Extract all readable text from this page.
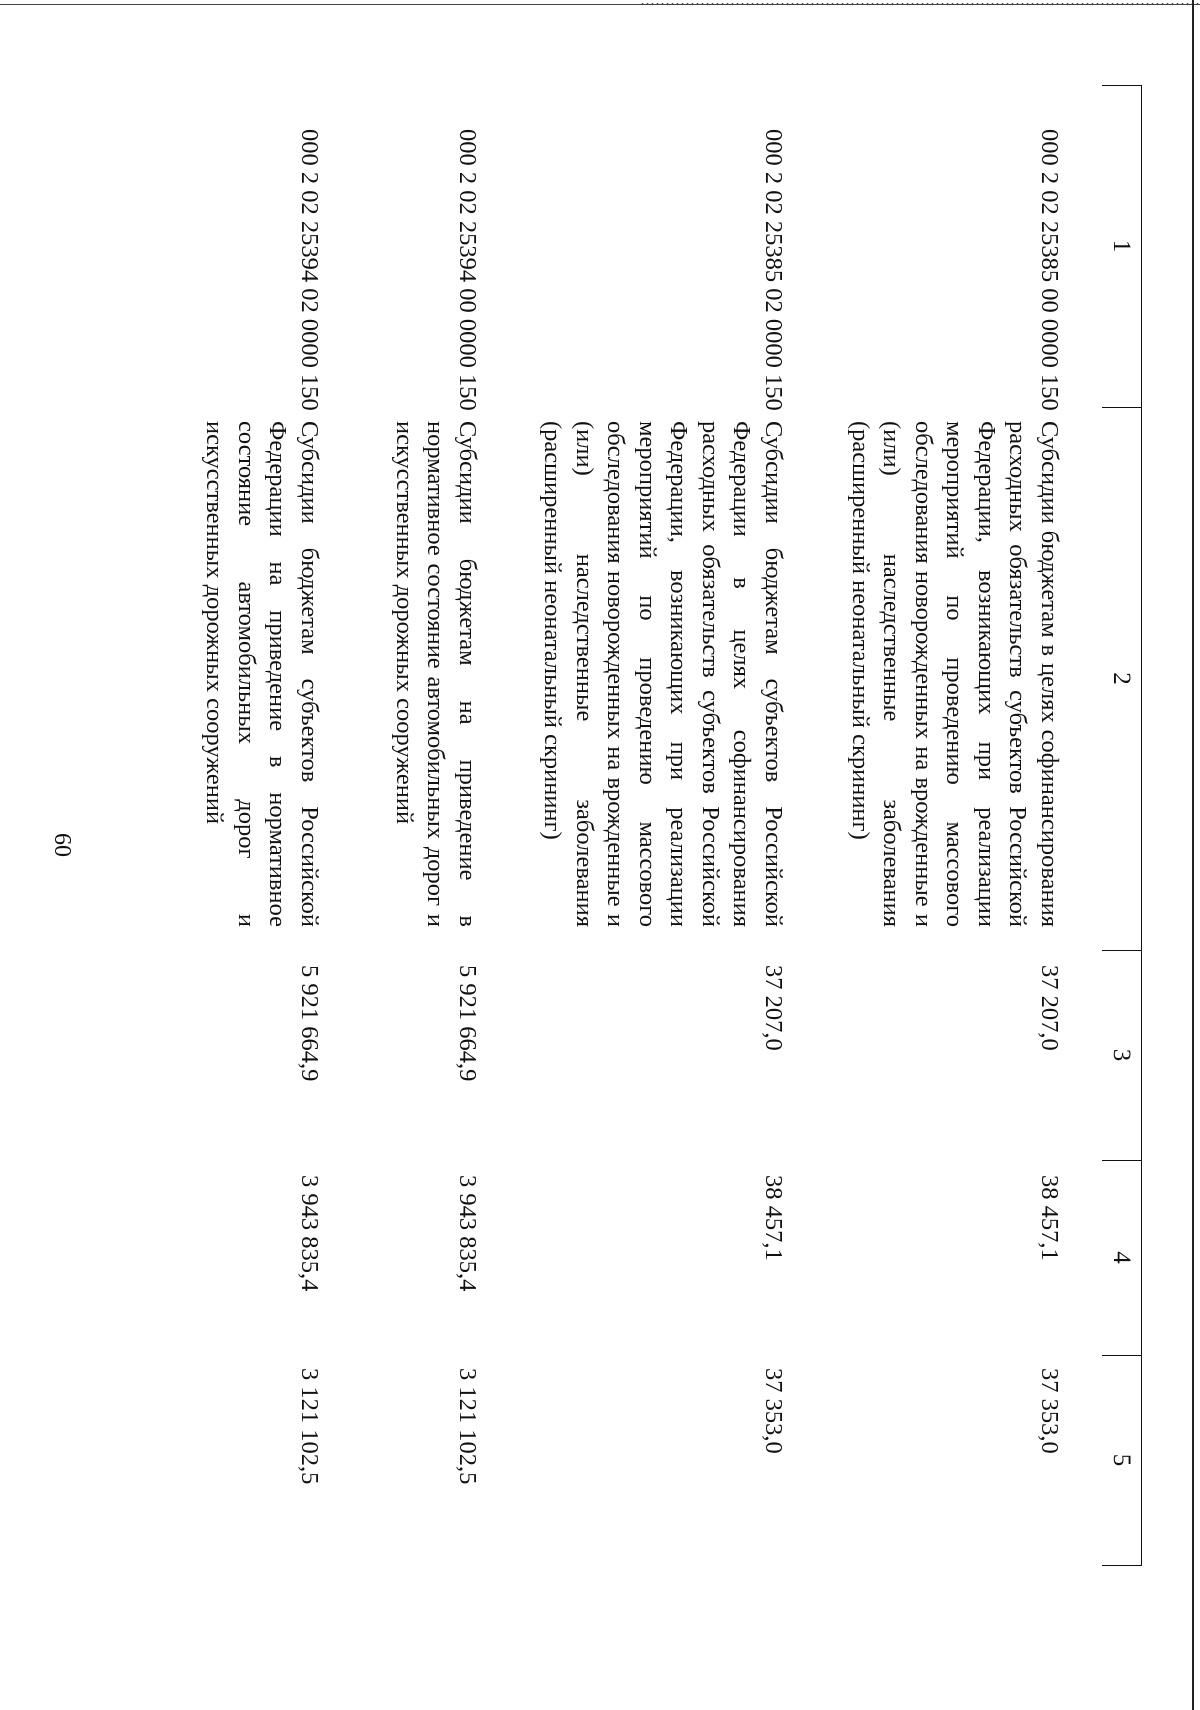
60
1
2
3
4
5
000 2 02 25385 00 0000 150
Субсидии бюджетам в целях софинансирования расходных обязательств субъектов Российской Федерации, возникающих при реализации мероприятий по проведению массового обследования новорожденных на врожденные и (или) наследственные заболевания (расширенный неонатальный скрининг)
37 207,0
38 457,1
37 353,0
000 2 02 25385 02 0000 150
Субсидии бюджетам субъектов Российской Федерации в целях софинансирования расходных обязательств субъектов Российской Федерации, возникающих при реализации мероприятий по проведению массового обследования новорожденных на врожденные и (или) наследственные заболевания (расширенный неонатальный скрининг)
37 207,0
38 457,1
37 353,0
000 2 02 25394 00 0000 150
Субсидии бюджетам на приведение в нормативное состояние автомобильных дорог и искусственных дорожных сооружений
5 921 664,9
3 943 835,4
3 121 102,5
000 2 02 25394 02 0000 150
Субсидии бюджетам субъектов Российской Федерации на приведение в нормативное состояние автомобильных дорог и искусственных дорожных сооружений
5 921 664,9
3 943 835,4
3 121 102,5
